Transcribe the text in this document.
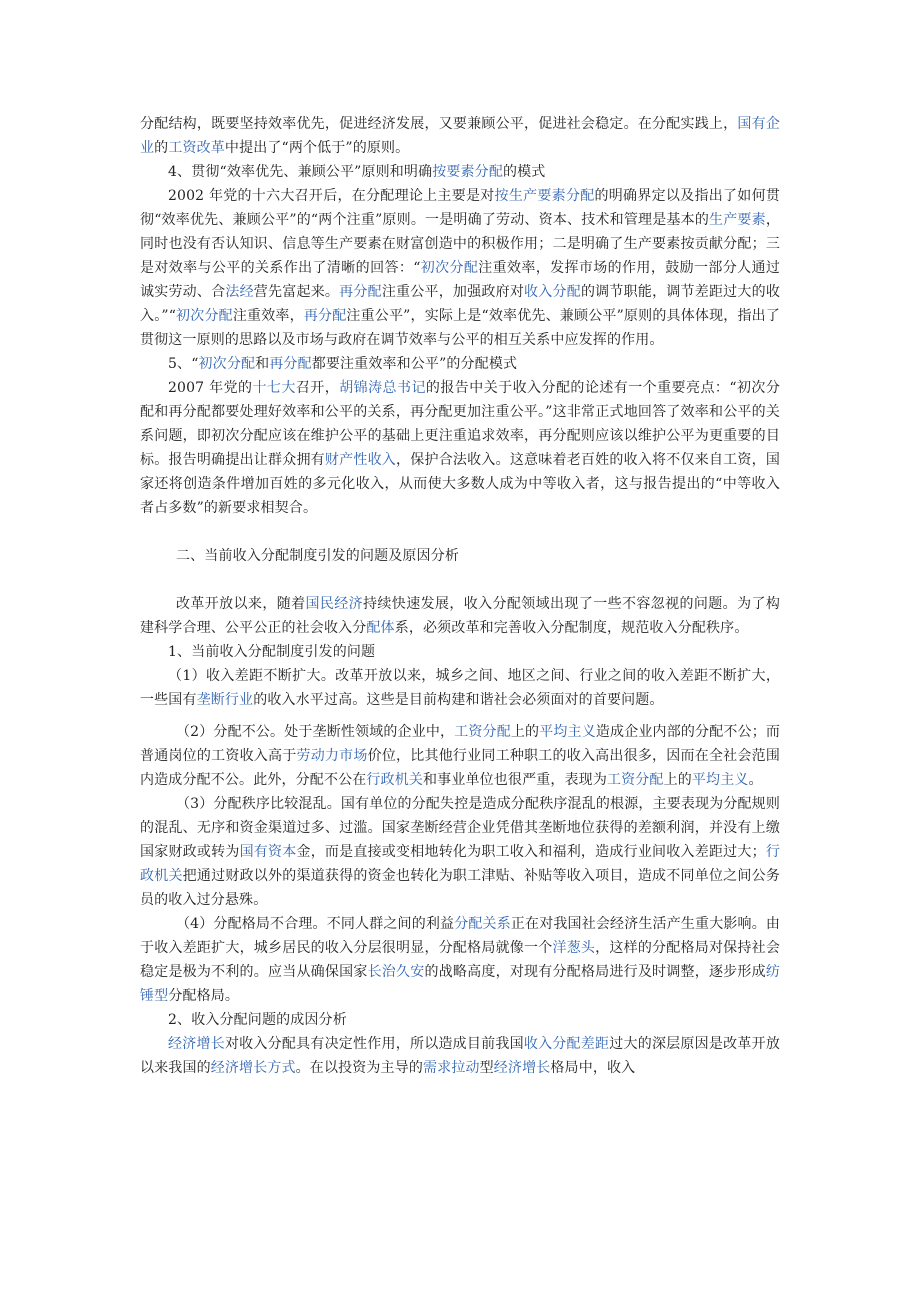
分配结构，既要坚持效率优先，促进经济发展，又要兼顾公平，促进社会稳定。在分配实践上，国有企业的工资改革中提出了“两个低于”的原则。

4、贯彻“效率优先、兼顾公平”原则和明确按要素分配的模式

2002 年党的十六大召开后，在分配理论上主要是对按生产要素分配的明确界定以及指出了如何贯彻“效率优先、兼顾公平”的“两个注重”原则。一是明确了劳动、资本、技术和管理是基本的生产要素，同时也没有否认知识、信息等生产要素在财富创造中的积极作用；二是明确了生产要素按贡献分配；三是对效率与公平的关系作出了清晰的回答：“初次分配注重效率，发挥市场的作用，鼓励一部分人通过诚实劳动、合法经营先富起来。再分配注重公平，加强政府对收入分配的调节职能，调节差距过大的收入。”“初次分配注重效率，再分配注重公平”，实际上是“效率优先、兼顾公平”原则的具体体现，指出了贯彻这一原则的思路以及市场与政府在调节效率与公平的相互关系中应发挥的作用。

5、“初次分配和再分配都要注重效率和公平”的分配模式

2007 年党的十七大召开，胡锦涛总书记的报告中关于收入分配的论述有一个重要亮点：“初次分配和再分配都要处理好效率和公平的关系，再分配更加注重公平。”这非常正式地回答了效率和公平的关系问题，即初次分配应该在维护公平的基础上更注重追求效率，再分配则应该以维护公平为更重要的目标。报告明确提出让群众拥有财产性收入，保护合法收入。这意味着老百姓的收入将不仅来自工资，国家还将创造条件增加百姓的多元化收入，从而使大多数人成为中等收入者，这与报告提出的“中等收入者占多数”的新要求相契合。

二、当前收入分配制度引发的问题及原因分析

改革开放以来，随着国民经济持续快速发展，收入分配领域出现了一些不容忽视的问题。为了构建科学合理、公平公正的社会收入分配体系，必须改革和完善收入分配制度，规范收入分配秩序。

1、当前收入分配制度引发的问题

（1）收入差距不断扩大。改革开放以来，城乡之间、地区之间、行业之间的收入差距不断扩大，一些国有垄断行业的收入水平过高。这些是目前构建和谐社会必须面对的首要问题。

（2）分配不公。处于垄断性领域的企业中，工资分配上的平均主义造成企业内部的分配不公；而普通岗位的工资收入高于劳动力市场价位，比其他行业同工种职工的收入高出很多，因而在全社会范围内造成分配不公。此外，分配不公在行政机关和事业单位也很严重，表现为工资分配上的平均主义。

（3）分配秩序比较混乱。国有单位的分配失控是造成分配秩序混乱的根源，主要表现为分配规则的混乱、无序和资金渠道过多、过滥。国家垄断经营企业凭借其垄断地位获得的差额利润，并没有上缴国家财政或转为国有资本金，而是直接或变相地转化为职工收入和福利，造成行业间收入差距过大；行政机关把通过财政以外的渠道获得的资金也转化为职工津贴、补贴等收入项目，造成不同单位之间公务员的收入过分悬殊。

（4）分配格局不合理。不同人群之间的利益分配关系正在对我国社会经济生活产生重大影响。由于收入差距扩大，城乡居民的收入分层很明显，分配格局就像一个洋葱头，这样的分配格局对保持社会稳定是极为不利的。应当从确保国家长治久安的战略高度，对现有分配格局进行及时调整，逐步形成纺锤型分配格局。

2、收入分配问题的成因分析

经济增长对收入分配具有决定性作用，所以造成目前我国收入分配差距过大的深层原因是改革开放以来我国的经济增长方式。在以投资为主导的需求拉动型经济增长格局中，收入
